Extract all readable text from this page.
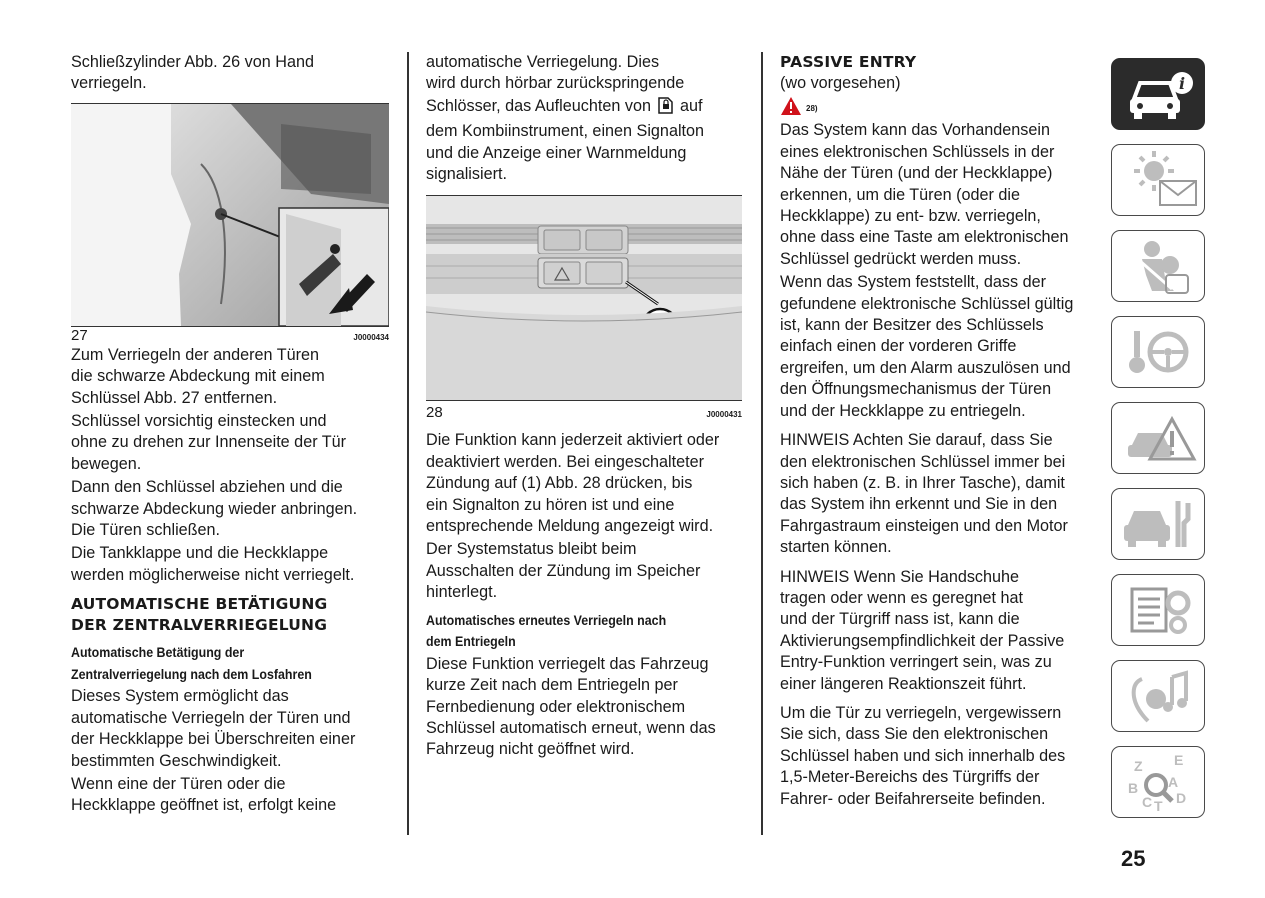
Schließzylinder Abb. 26 von Hand
verriegeln.

27	J0000434

Zum Verriegeln der anderen Türen
die schwarze Abdeckung mit einem
Schlüssel Abb. 27 entfernen.

Schlüssel vorsichtig einstecken und
ohne zu drehen zur Innenseite der Tür
bewegen.

Dann den Schlüssel abziehen und die
schwarze Abdeckung wieder anbringen.
Die Türen schließen.

Die Tankklappe und die Heckklappe
werden möglicherweise nicht verriegelt.

AUTOMATISCHE BETÄTIGUNG
DER ZENTRALVERRIEGELUNG
Automatische Betätigung der
Zentralverriegelung nach dem Losfahren

Dieses System ermöglicht das
automatische Verriegeln der Türen und
der Heckklappe bei Überschreiten einer
bestimmten Geschwindigkeit.

Wenn eine der Türen oder die
Heckklappe geöffnet ist, erfolgt keine

automatische Verriegelung. Dies
wird durch hörbar zurückspringende
Schlösser, das Aufleuchten von auf
dem Kombiinstrument, einen Signalton
und die Anzeige einer Warnmeldung
signalisiert.

28	J0000431

Die Funktion kann jederzeit aktiviert oder
deaktiviert werden. Bei eingeschalteter
Zündung auf (1) Abb. 28 drücken, bis
ein Signalton zu hören ist und eine
entsprechende Meldung angezeigt wird.

Der Systemstatus bleibt beim
Ausschalten der Zündung im Speicher
hinterlegt.

Automatisches erneutes Verriegeln nach
dem Entriegeln

Diese Funktion verriegelt das Fahrzeug
kurze Zeit nach dem Entriegeln per
Fernbedienung oder elektronischem
Schlüssel automatisch erneut, wenn das
Fahrzeug nicht geöffnet wird.

PASSIVE ENTRY

(wo vorgesehen)

28)

Das System kann das Vorhandensein
eines elektronischen Schlüssels in der
Nähe der Türen (und der Heckklappe)
erkennen, um die Türen (oder die
Heckklappe) zu ent- bzw. verriegeln,
ohne dass eine Taste am elektronischen
Schlüssel gedrückt werden muss.

Wenn das System feststellt, dass der
gefundene elektronische Schlüssel gültig
ist, kann der Besitzer des Schlüssels
einfach einen der vorderen Griffe
ergreifen, um den Alarm auszulösen und
den Öffnungsmechanismus der Türen
und der Heckklappe zu entriegeln.

HINWEIS Achten Sie darauf, dass Sie
den elektronischen Schlüssel immer bei
sich haben (z. B. in Ihrer Tasche), damit
das System ihn erkennt und Sie in den
Fahrgastraum einsteigen und den Motor
starten können.

HINWEIS Wenn Sie Handschuhe
tragen oder wenn es geregnet hat
und der Türgriff nass ist, kann die
Aktivierungsempfindlichkeit der Passive
Entry-Funktion verringert sein, was zu
einer längeren Reaktionszeit führt.

Um die Tür zu verriegeln, vergewissern
Sie sich, dass Sie den elektronischen
Schlüssel haben und sich innerhalb des
1,5-Meter-Bereichs des Türgriffs der
Fahrer- oder Beifahrerseite befinden.

i
Z E
B A
C T D
25
